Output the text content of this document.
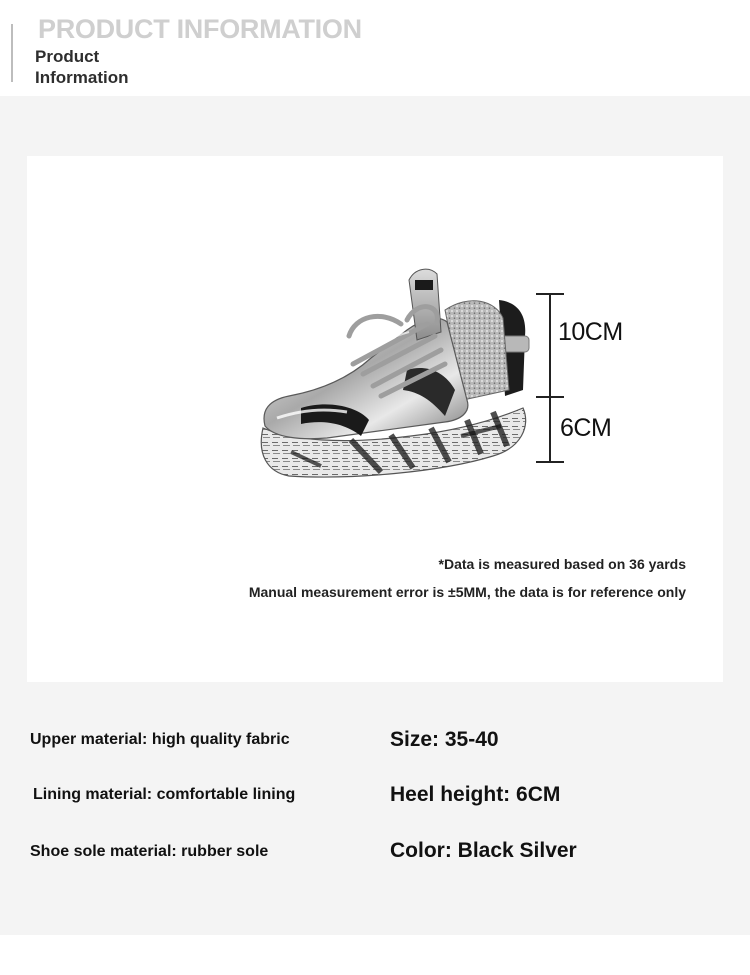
PRODUCT INFORMATION
Product Information
10CM
6CM
*Data is measured based on 36 yards
Manual measurement error is ±5MM, the data is for reference only
Upper material: high quality fabric
Lining material: comfortable lining
Shoe sole material: rubber sole
Size: 35-40
Heel height: 6CM
Color: Black Silver
